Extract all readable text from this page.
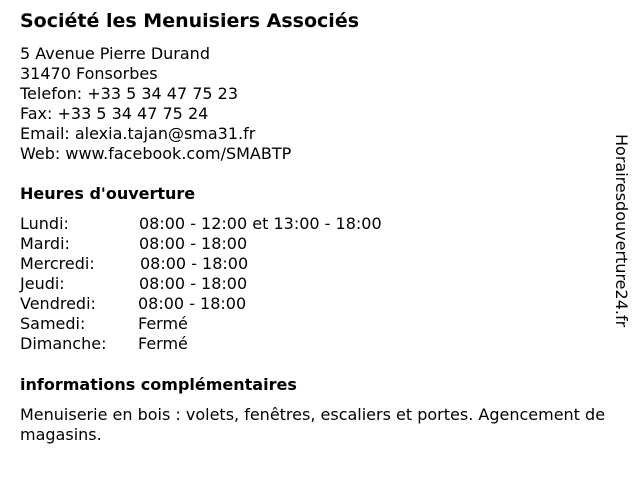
Société les Menuisiers Associés
5 Avenue Pierre Durand
31470 Fonsorbes
Telefon: +33 5 34 47 75 23
Fax: +33 5 34 47 75 24
Email: alexia.tajan@sma31.fr
Web: www.facebook.com/SMABTP
Heures d'ouverture
Lundi:	08:00 - 12:00 et 13:00 - 18:00
Mardi:	08:00 - 18:00
Mercredi:	08:00 - 18:00
Jeudi:	08:00 - 18:00
Vendredi:	08:00 - 18:00
Samedi:	Fermé
Dimanche: Fermé
informations complémentaires
Menuiserie en bois : volets, fenêtres, escaliers et portes. Agencement de magasins.
Horairesdouverture24.fr
